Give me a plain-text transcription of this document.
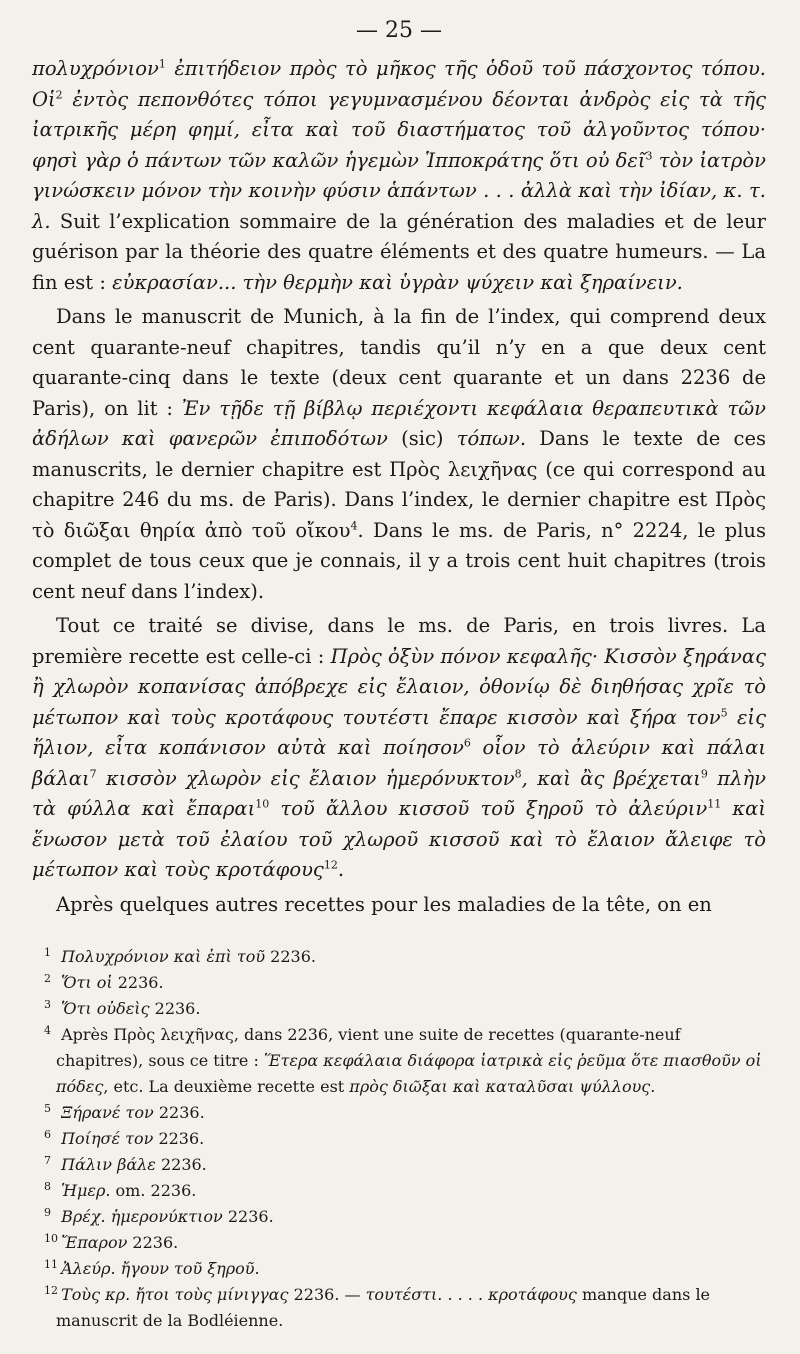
— 25 —

πολυχρόνιον$^1$ ἐπιτήδειον πρὸς τὸ μῆκος τῆς ὁδοῦ τοῦ πάσχοντος τόπου. Οἱ$^2$ ἐντὸς πεπονθότες τόποι γεγυμνασμένου δέονται ἀνδρὸς εἰς τὰ τῆς ἰατρικῆς μέρη φημί, εἶτα καὶ τοῦ διαστήματος τοῦ ἀλγοῦντος τόπου· φησὶ γὰρ ὁ πάντων τῶν καλῶν ἡγεμὼν Ἱπποκράτης ὅτι οὐ δεῖ$^3$ τὸν ἰατρὸν γινώσκειν μόνον τὴν κοινὴν φύσιν ἁπάντων . . . ἀλλὰ καὶ τὴν ἰδίαν, κ. τ. λ. Suit l’explication sommaire de la génération des maladies et de leur guérison par la théorie des quatre éléments et des quatre humeurs. — La fin est : εὐκρασίαν... τὴν θερμὴν καὶ ὑγρὰν ψύχειν καὶ ξηραίνειν.

Dans le manuscrit de Munich, à la fin de l’index, qui comprend deux cent quarante-neuf chapitres, tandis qu’il n’y en a que deux cent quarante-cinq dans le texte (deux cent quarante et un dans 2236 de Paris), on lit : Ἐν τῇδε τῇ βίβλῳ περιέχοντι κεφάλαια θεραπευτικὰ τῶν ἀδήλων καὶ φανερῶν ἐπιποδότων (sic) τόπων. Dans le texte de ces manuscrits, le dernier chapitre est Πρὸς λειχῆνας (ce qui correspond au chapitre 246 du ms. de Paris). Dans l’index, le dernier chapitre est Πρὸς τὸ διῶξαι θηρία ἀπὸ τοῦ οἴκου$^4$. Dans le ms. de Paris, n° 2224, le plus complet de tous ceux que je connais, il y a trois cent huit chapitres (trois cent neuf dans l’index).

Tout ce traité se divise, dans le ms. de Paris, en trois livres. La première recette est celle-ci : Πρὸς ὀξὺν πόνον κεφαλῆς· Κισσὸν ξηράνας ἢ χλωρὸν κοπανίσας ἀπόβρεχε εἰς ἔλαιον, ὀθονίῳ δὲ διηθήσας χρῖε τὸ μέτωπον καὶ τοὺς κροτάφους τουτέστι ἔπαρε κισσὸν καὶ ξήρα τον$^5$ εἰς ἥλιον, εἶτα κοπάνισον αὐτὰ καὶ ποίησον$^6$ οἷον τὸ ἀλεύριν καὶ πάλαι βάλαι$^7$ κισσὸν χλωρὸν εἰς ἔλαιον ἡμερόνυκτον$^8$, καὶ ἂς βρέχεται$^9$ πλὴν τὰ φύλλα καὶ ἔπαραι$^{10}$ τοῦ ἄλλου κισσοῦ τοῦ ξηροῦ τὸ ἀλεύριν$^{11}$ καὶ ἕνωσον μετὰ τοῦ ἐλαίου τοῦ χλωροῦ κισσοῦ καὶ τὸ ἔλαιον ἄλειφε τὸ μέτωπον καὶ τοὺς κροτάφους$^{12}$.

Après quelques autres recettes pour les maladies de la tête, on en

1 Πολυχρόνιον καὶ ἐπὶ τοῦ 2236.
2 Ὅτι οἱ 2236.
3 Ὅτι οὐδεὶς 2236.
4 Après Πρὸς λειχῆνας, dans 2236, vient une suite de recettes (quarante-neuf chapitres), sous ce titre : Ἕτερα κεφάλαια διάφορα ἰατρικὰ εἰς ῥεῦμα ὅτε πιασθοῦν οἱ πόδες, etc. La deuxième recette est πρὸς διῶξαι καὶ καταλῦσαι ψύλλους.
5 Ξήρανέ τον 2236.
6 Ποίησέ τον 2236.
7 Πάλιν βάλε 2236.
8 Ἡμερ. om. 2236.
9 Βρέχ. ἡμερονύκτιον 2236.
10 Ἔπαρον 2236.
11 Ἀλεύρ. ἤγουν τοῦ ξηροῦ.
12 Τοὺς κρ. ἤτοι τοὺς μίνιγγας 2236. — τουτέστι. . . . . κροτάφους manque dans le manuscrit de la Bodléienne.
